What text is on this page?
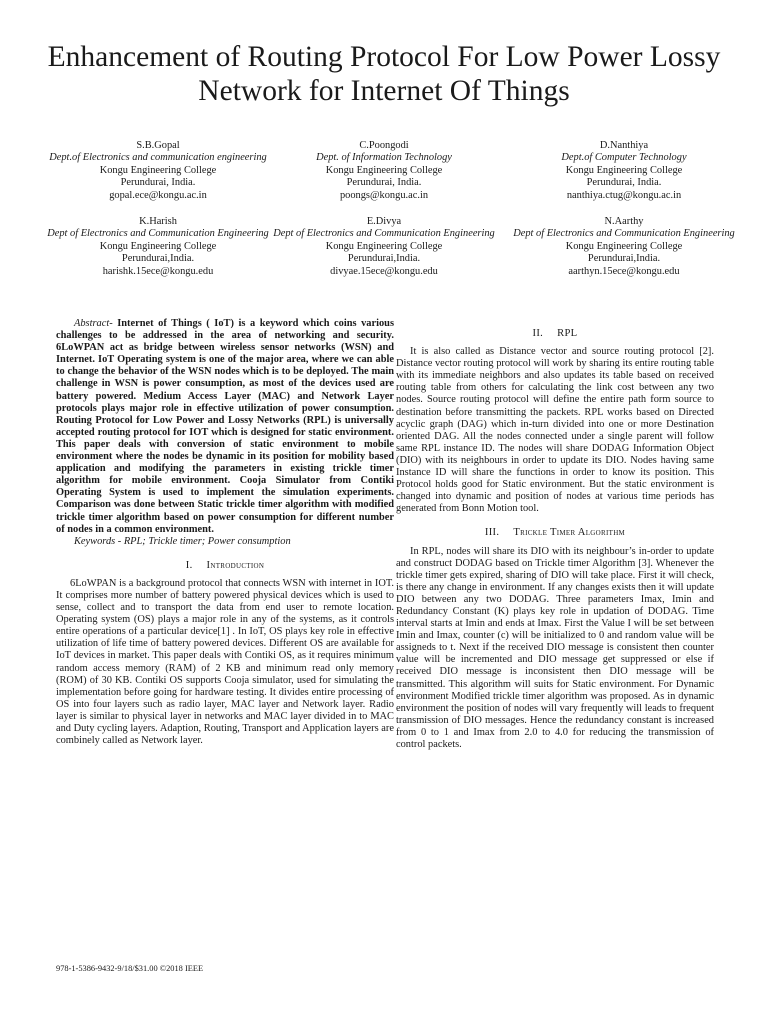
Enhancement of Routing Protocol For Low Power Lossy Network for Internet Of Things
S.B.Gopal
Dept.of Electronics and communication engineering
Kongu Engineering College
Perundurai, India.
gopal.ece@kongu.ac.in
C.Poongodi
Dept. of Information Technology
Kongu Engineering College
Perundurai, India.
poongs@kongu.ac.in
D.Nanthiya
Dept.of Computer Technology
Kongu Engineering College
Perundurai, India.
nanthiya.ctug@kongu.ac.in
K.Harish
Dept of Electronics and Communication Engineering
Kongu Engineering College
Perundurai,India.
harishk.15ece@kongu.edu
E.Divya
Dept of Electronics and Communication Engineering
Kongu Engineering College
Perundurai,India.
divyae.15ece@kongu.edu
N.Aarthy
Dept of Electronics and Communication Engineering
Kongu Engineering College
Perundurai,India.
aarthyn.15ece@kongu.edu

Abstract- Internet of Things ( IoT) is a keyword which coins various challenges to be addressed in the area of networking and security. 6LoWPAN act as bridge between wireless sensor networks (WSN) and Internet. IoT Operating system is one of the major area, where we can able to change the behavior of the WSN nodes which is to be deployed. The main challenge in WSN is power consumption, as most of the devices used are battery powered. Medium Access Layer (MAC) and Network Layer protocols plays major role in effective utilization of power consumption. Routing Protocol for Low Power and Lossy Networks (RPL) is universally accepted routing protocol for IOT which is designed for static environment. This paper deals with conversion of static environment to mobile environment where the nodes be dynamic in its position for mobility based application and modifying the parameters in existing trickle timer algorithm for mobile environment. Cooja Simulator from Contiki Operating System is used to implement the simulation experiments. Comparison was done between Static trickle timer algorithm with modified trickle timer algorithm based on power consumption for different number of nodes in a common environment.

Keywords - RPL; Trickle timer; Power consumption

I. Introduction

6LoWPAN is a background protocol that connects WSN with internet in IOT. It comprises more number of battery powered physical devices which is used to sense, collect and to transport the data from end user to remote location. Operating system (OS) plays a major role in any of the systems, as it controls entire operations of a particular device[1] . In IoT, OS plays key role in effective utilization of life time of battery powered devices. Different OS are available for IoT devices in market. This paper deals with Contiki OS, as it requires minimum random access memory (RAM) of 2 KB and minimum read only memory (ROM) of 30 KB. Contiki OS supports Cooja simulator, used for simulating the implementation before going for hardware testing. It divides entire processing of OS into four layers such as radio layer, MAC layer and Network layer. Radio layer is similar to physical layer in networks and MAC layer divided in to MAC and Duty cycling layers. Adaption, Routing, Transport and Application layers are combinely called as Network layer.

II. RPL

It is also called as Distance vector and source routing protocol [2]. Distance vector routing protocol will work by sharing its entire routing table with its immediate neighbors and also updates its table based on received routing table from others for calculating the link cost between any two nodes. Source routing protocol will define the entire path form source to destination before transmitting the packets. RPL works based on Directed acyclic graph (DAG) which in-turn divided into one or more Destination oriented DAG. All the nodes connected under a single parent will follow same RPL instance ID. The nodes will share DODAG Information Object (DIO) with its neighbours in order to update its DIO. Nodes having same Instance ID will share the functions in order to know its position. This Protocol holds good for Static environment. But the static environment is changed into dynamic and position of nodes at various time periods has generated from Bonn Motion tool.

III. Trickle Timer Algorithm

In RPL, nodes will share its DIO with its neighbour’s in-order to update and construct DODAG based on Trickle timer Algorithm [3]. Whenever the trickle timer gets expired, sharing of DIO will take place. First it will check, is there any change in environment. If any changes exists then it will update DIO between any two DODAG. Three parameters Imax, Imin and Redundancy Constant (K) plays key role in updation of DODAG. Time interval starts at Imin and ends at Imax. First the Value I will be set between Imin and Imax, counter (c) will be initialized to 0 and random value will be assigneds to t. Next if the received DIO message is consistent then counter value will be incremented and DIO message get suppressed or else if received DIO message is inconsistent then DIO message will be transmitted. This algorithm will suits for Static environment. For Dynamic environment Modified trickle timer algorithm was proposed. As in dynamic environment the position of nodes will vary frequently will leads to frequent transmission of DIO messages. Hence the redundancy constant is increased from 0 to 1 and Imax from 2.0 to 4.0 for reducing the transmission of control packets.

978-1-5386-9432-9/18/$31.00 ©2018 IEEE
